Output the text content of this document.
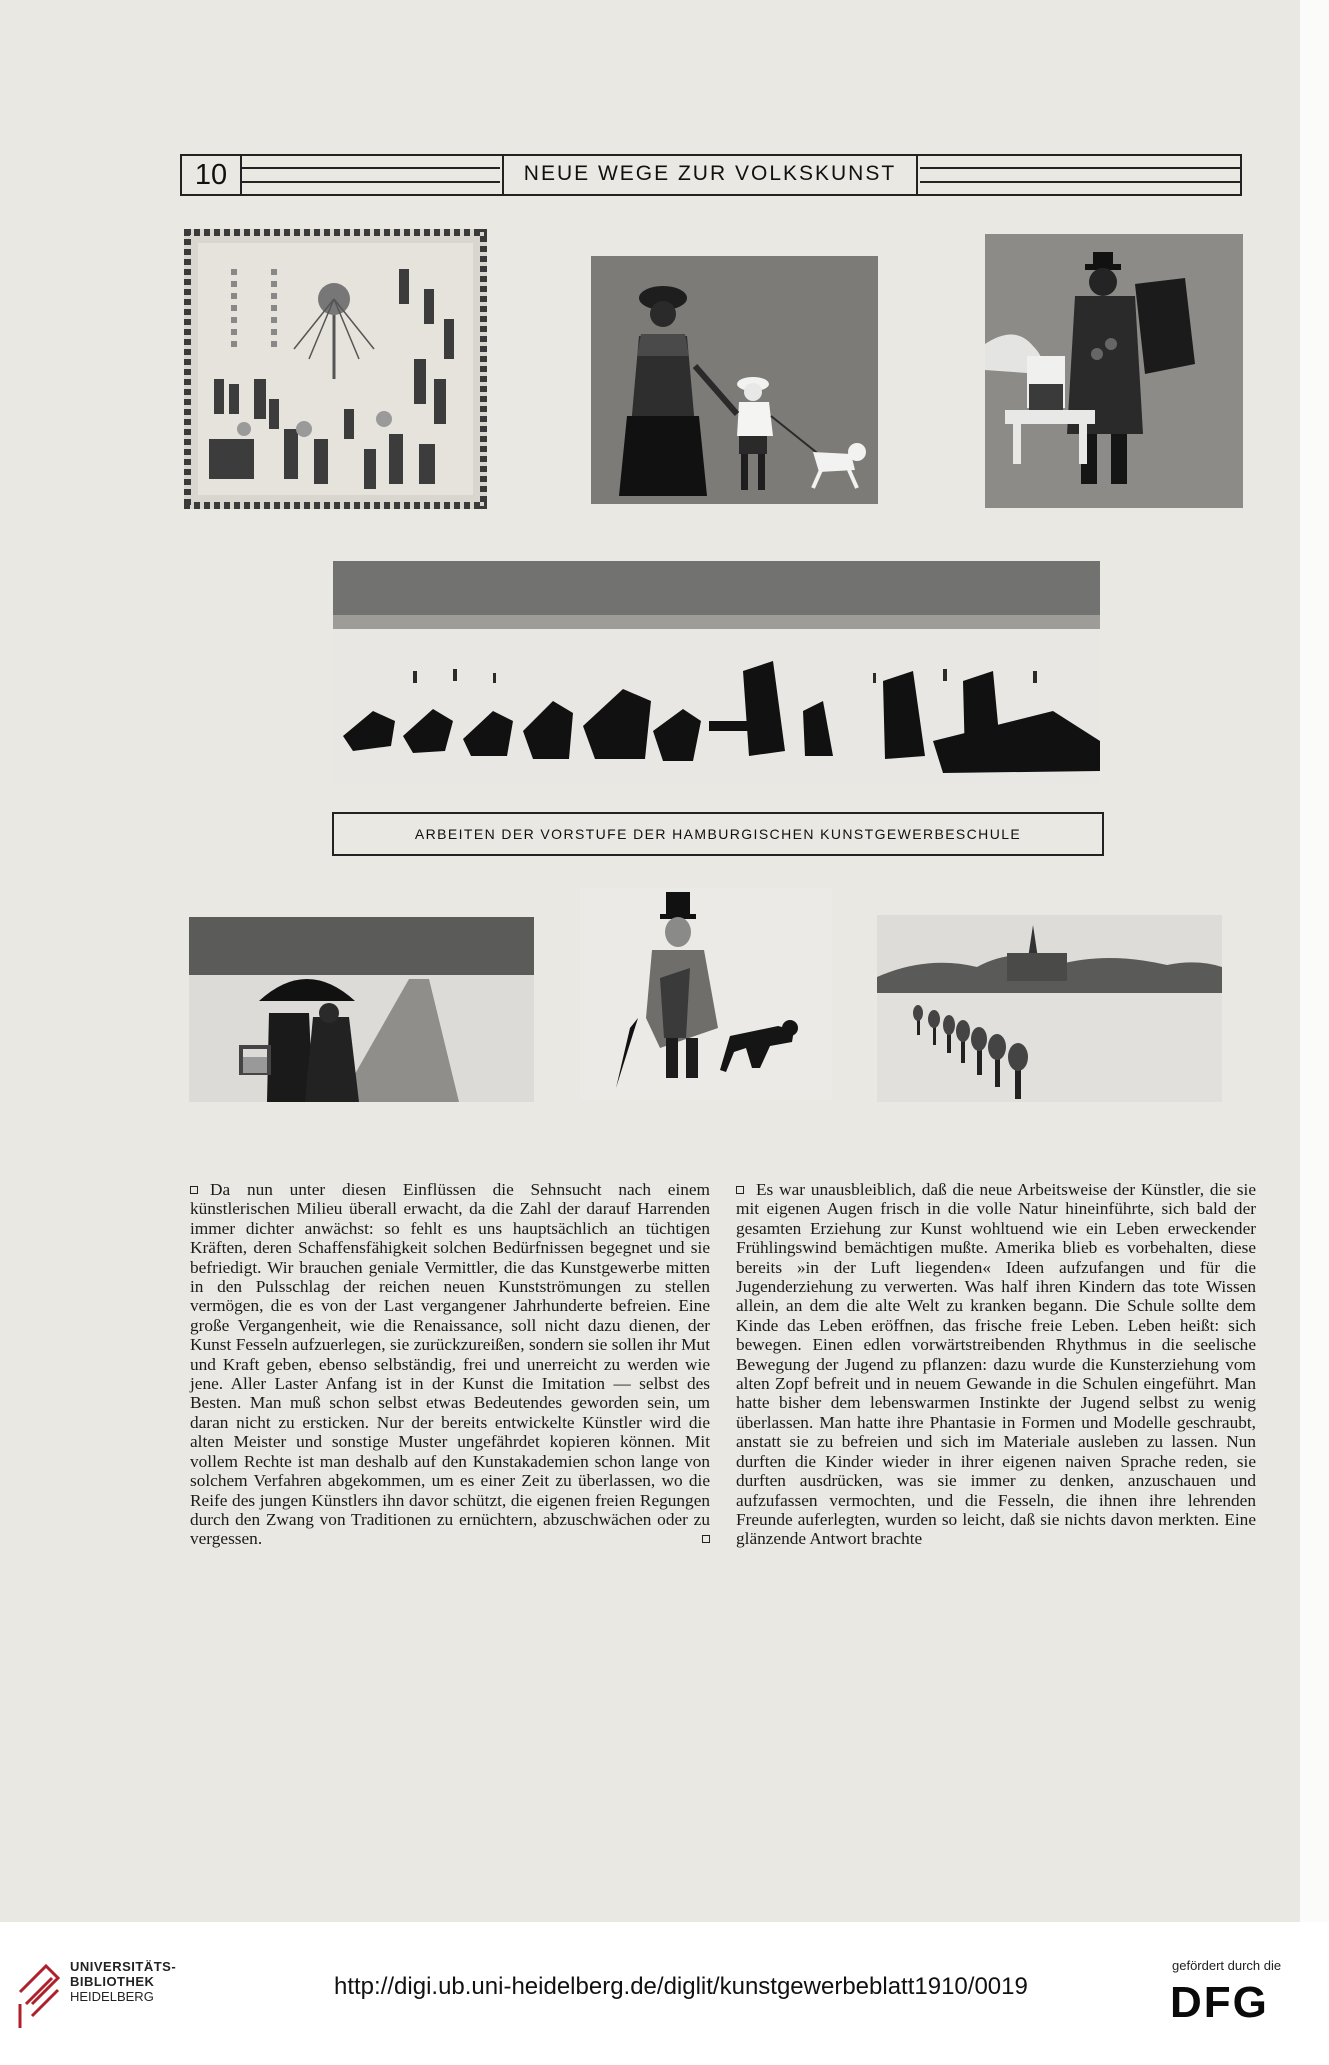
10	NEUE WEGE ZUR VOLKSKUNST
ARBEITEN DER VORSTUFE DER HAMBURGISCHEN KUNSTGEWERBESCHULE

Da nun unter diesen Einflüssen die Sehnsucht nach einem künstlerischen Milieu überall erwacht, da die Zahl der darauf Harrenden immer dichter anwächst: so fehlt es uns hauptsächlich an tüchtigen Kräften, deren Schaffensfähigkeit solchen Bedürfnissen begegnet und sie befriedigt. Wir brauchen geniale Vermittler, die das Kunstgewerbe mitten in den Pulsschlag der reichen neuen Kunstströmungen zu stellen vermögen, die es von der Last vergangener Jahrhunderte befreien. Eine große Vergangenheit, wie die Renaissance, soll nicht dazu dienen, der Kunst Fesseln aufzuerlegen, sie zurückzureißen, sondern sie sollen ihr Mut und Kraft geben, ebenso selbständig, frei und unerreicht zu werden wie jene. Aller Laster Anfang ist in der Kunst die Imitation — selbst des Besten. Man muß schon selbst etwas Bedeutendes geworden sein, um daran nicht zu ersticken. Nur der bereits entwickelte Künstler wird die alten Meister und sonstige Muster ungefährdet kopieren können. Mit vollem Rechte ist man deshalb auf den Kunstakademien schon lange von solchem Verfahren abgekommen, um es einer Zeit zu überlassen, wo die Reife des jungen Künstlers ihn davor schützt, die eigenen freien Regungen durch den Zwang von Traditionen zu ernüchtern, abzuschwächen oder zu vergessen.

Es war unausbleiblich, daß die neue Arbeitsweise der Künstler, die sie mit eigenen Augen frisch in die volle Natur hineinführte, sich bald der gesamten Erziehung zur Kunst wohltuend wie ein Leben erweckender Frühlingswind bemächtigen mußte. Amerika blieb es vorbehalten, diese bereits »in der Luft liegenden« Ideen aufzufangen und für die Jugenderziehung zu verwerten. Was half ihren Kindern das tote Wissen allein, an dem die alte Welt zu kranken begann. Die Schule sollte dem Kinde das Leben eröffnen, das frische freie Leben. Leben heißt: sich bewegen. Einen edlen vorwärtstreibenden Rhythmus in die seelische Bewegung der Jugend zu pflanzen: dazu wurde die Kunsterziehung vom alten Zopf befreit und in neuem Gewande in die Schulen eingeführt. Man hatte bisher dem lebenswarmen Instinkte der Jugend selbst zu wenig überlassen. Man hatte ihre Phantasie in Formen und Modelle geschraubt, anstatt sie zu befreien und sich im Materiale ausleben zu lassen. Nun durften die Kinder wieder in ihrer eigenen naiven Sprache reden, sie durften ausdrücken, was sie immer zu denken, anzuschauen und aufzufassen vermochten, und die Fesseln, die ihnen ihre lehrenden Freunde auferlegten, wurden so leicht, daß sie nichts davon merkten. Eine glänzende Antwort brachte

UNIVERSITÄTS-
BIBLIOTHEK
HEIDELBERG	http://digi.ub.uni-heidelberg.de/diglit/kunstgewerbeblatt1910/0019
gefördert durch die
DFG
